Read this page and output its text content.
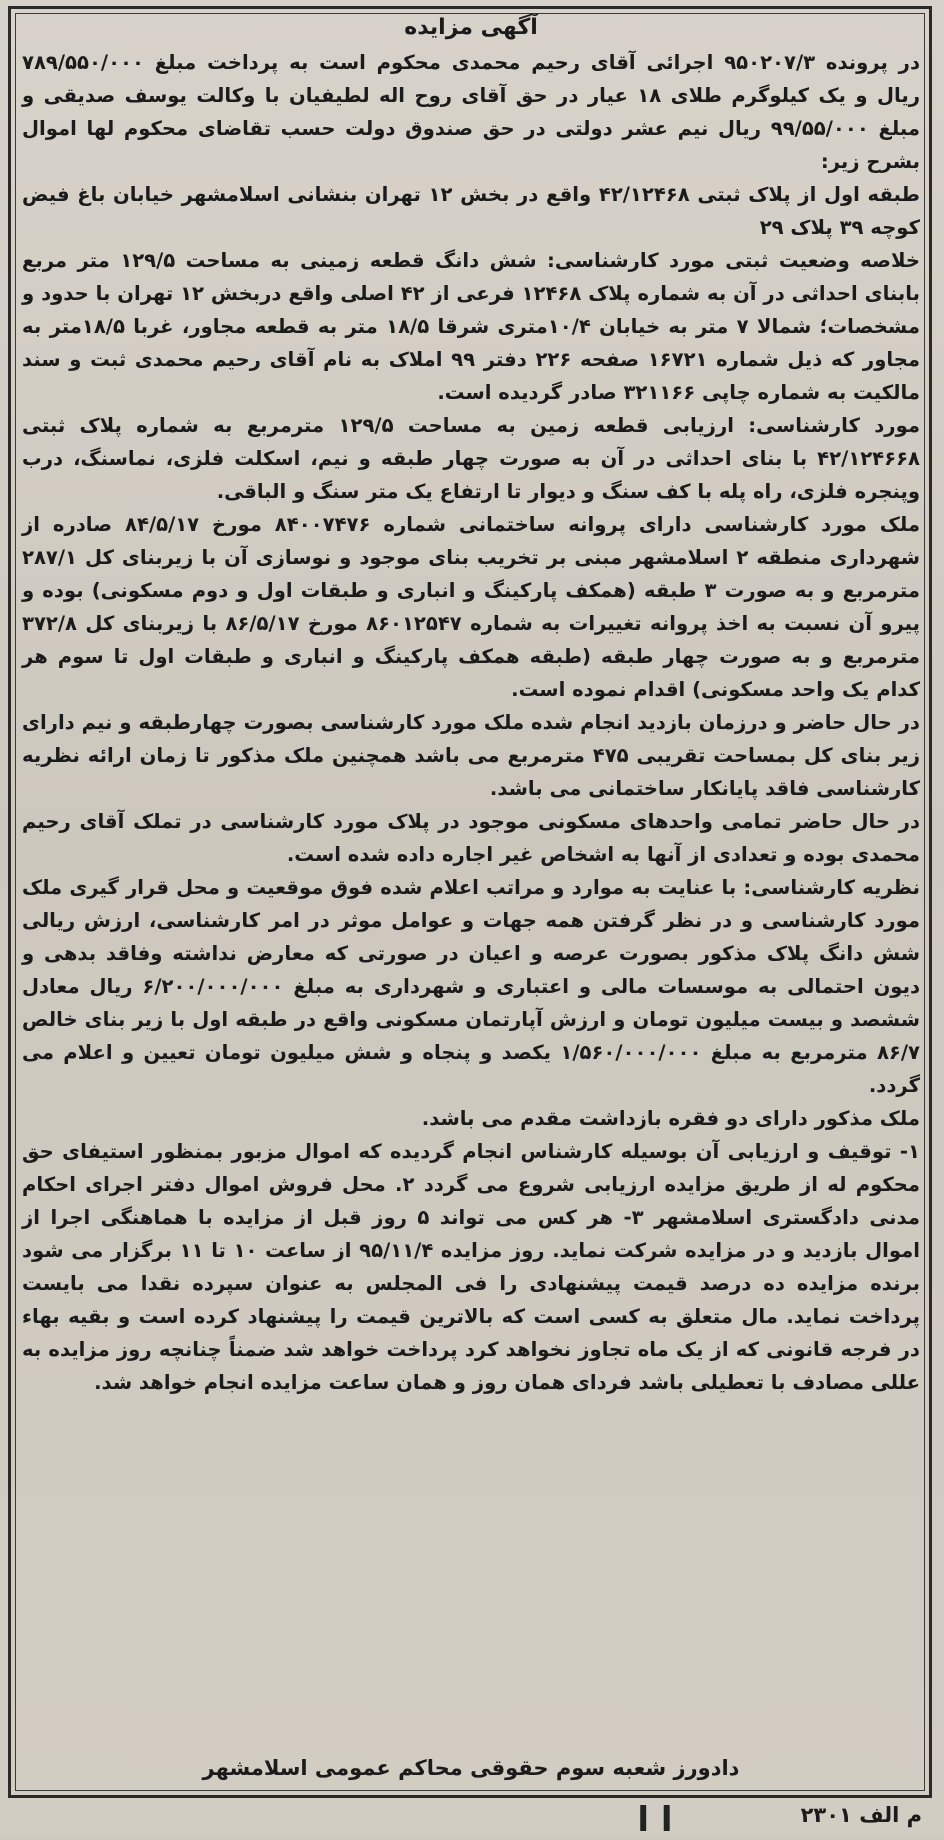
آگهی مزایده

در پرونده ۹۵۰۲۰۷/۳ اجرائی آقای رحیم محمدی محکوم است به پرداخت مبلغ ۷۸۹/۵۵۰/۰۰۰ ریال و یک کیلوگرم طلای ۱۸ عیار در حق آقای روح اله لطیفیان با وکالت یوسف صدیقی و مبلغ ۹۹/۵۵/۰۰۰ ریال نیم عشر دولتی در حق صندوق دولت حسب تقاضای محکوم لها اموال بشرح زیر:

طبقه اول از پلاک ثبتی ۴۲/۱۲۴۶۸ واقع در بخش ۱۲ تهران بنشانی اسلامشهر خیابان باغ فیض کوچه ۳۹ پلاک ۲۹

خلاصه وضعیت ثبتی مورد کارشناسی: شش دانگ قطعه زمینی به مساحت ۱۲۹/۵ متر مربع بابنای احداثی در آن به شماره پلاک ۱۲۴۶۸ فرعی از ۴۲ اصلی واقع دربخش ۱۲ تهران با حدود و مشخصات؛ شمالا ۷ متر به خیابان ۱۰/۴متری شرقا ۱۸/۵ متر به قطعه مجاور، غربا ۱۸/۵متر به مجاور که ذیل شماره ۱۶۷۲۱ صفحه ۲۲۶ دفتر ۹۹ املاک به نام آقای رحیم محمدی ثبت و سند مالکیت به شماره چاپی ۳۲۱۱۶۶ صادر گردیده است.

مورد کارشناسی: ارزیابی قطعه زمین به مساحت ۱۲۹/۵ مترمربع به شماره پلاک ثبتی ۴۲/۱۲۴۶۶۸ با بنای احداثی در آن به صورت چهار طبقه و نیم، اسکلت فلزی، نماسنگ، درب وپنجره فلزی، راه پله با کف سنگ و دیوار تا ارتفاع یک متر سنگ و الباقی.

ملک مورد کارشناسی دارای پروانه ساختمانی شماره ۸۴۰۰۷۴۷۶ مورخ ۸۴/۵/۱۷ صادره از شهرداری منطقه ۲ اسلامشهر مبنی بر تخریب بنای موجود و نوسازی آن با زیربنای کل ۲۸۷/۱ مترمربع و به صورت ۳ طبقه (همکف پارکینگ و انباری و طبقات اول و دوم مسکونی) بوده و پیرو آن نسبت به اخذ پروانه تغییرات به شماره ۸۶۰۱۲۵۴۷ مورخ ۸۶/۵/۱۷ با زیربنای کل ۳۷۲/۸ مترمربع و به صورت چهار طبقه (طبقه همکف پارکینگ و انباری و طبقات اول تا سوم هر کدام یک واحد مسکونی) اقدام نموده است.

در حال حاضر و درزمان بازدید انجام شده ملک مورد کارشناسی بصورت چهارطبقه و نیم دارای زیر بنای کل بمساحت تقریبی ۴۷۵ مترمربع می باشد همچنین ملک مذکور تا زمان ارائه نظریه کارشناسی فاقد پایانکار ساختمانی می باشد.

در حال حاضر تمامی واحدهای مسکونی موجود در پلاک مورد کارشناسی در تملک آقای رحیم محمدی بوده و تعدادی از آنها به اشخاص غیر اجاره داده شده است.

نظریه کارشناسی: با عنایت به موارد و مراتب اعلام شده فوق موقعیت و محل قرار گیری ملک مورد کارشناسی و در نظر گرفتن همه جهات و عوامل موثر در امر کارشناسی، ارزش ریالی شش دانگ پلاک مذکور بصورت عرصه و اعیان در صورتی که معارض نداشته وفاقد بدهی و دیون احتمالی به موسسات مالی و اعتباری و شهرداری به مبلغ ۶/۲۰۰/۰۰۰/۰۰۰ ریال معادل ششصد و بیست میلیون تومان و ارزش آپارتمان مسکونی واقع در طبقه اول با زیر بنای خالص ۸۶/۷ مترمربع به مبلغ ۱/۵۶۰/۰۰۰/۰۰۰ یکصد و پنجاه و شش میلیون تومان تعیین و اعلام می گردد.

ملک مذکور دارای دو فقره بازداشت مقدم می باشد.

۱- توقیف و ارزیابی آن بوسیله کارشناس انجام گردیده که اموال مزبور بمنظور استیفای حق محکوم له از طریق مزایده ارزیابی شروع می گردد ۲. محل فروش اموال دفتر اجرای احکام مدنی دادگستری اسلامشهر ۳- هر کس می تواند ۵ روز قبل از مزایده با هماهنگی اجرا از اموال بازدید و در مزایده شرکت نماید. روز مزایده ۹۵/۱۱/۴ از ساعت ۱۰ تا ۱۱ برگزار می شود برنده مزایده ده درصد قیمت پیشنهادی را فی المجلس به عنوان سپرده نقدا می بایست پرداخت نماید. مال متعلق به کسی است که بالاترین قیمت را پیشنهاد کرده است و بقیه بهاء در فرجه قانونی که از یک ماه تجاوز نخواهد کرد پرداخت خواهد شد ضمناً چنانچه روز مزایده به عللی مصادف با تعطیلی باشد فردای همان روز و همان ساعت مزایده انجام خواهد شد.

دادورز شعبه سوم حقوقی محاکم عمومی اسلامشهر
م الف ۲۳۰۱
ا ا
